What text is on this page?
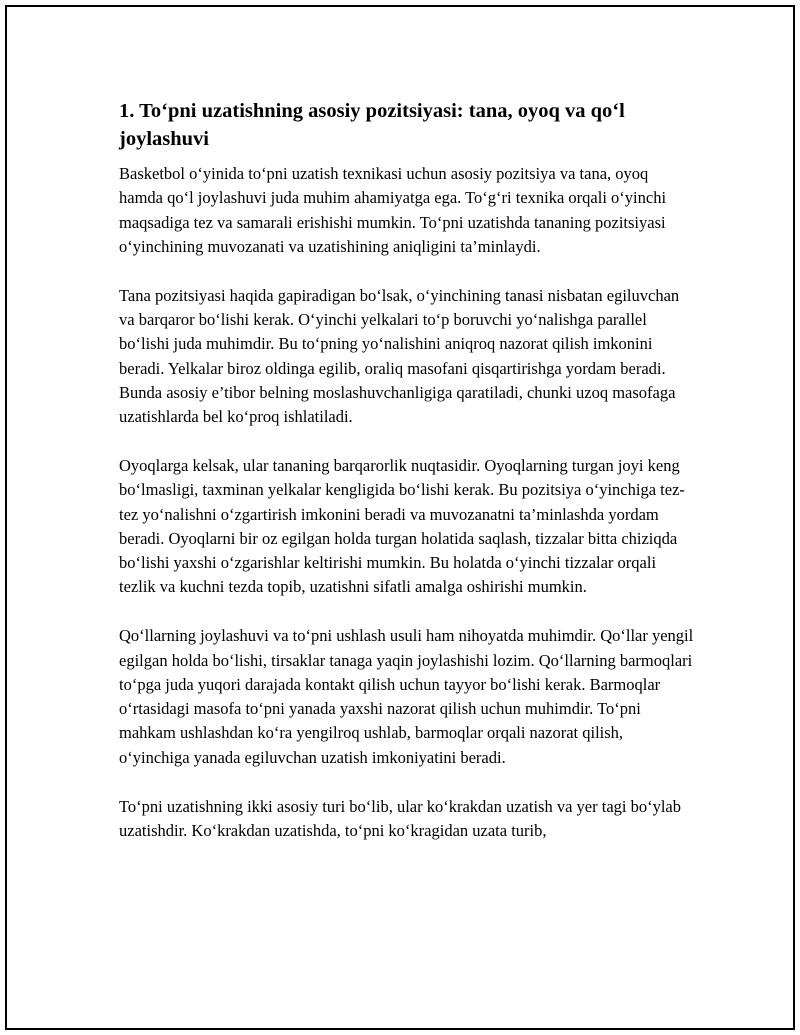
1. To‘pni uzatishning asosiy pozitsiyasi: tana, oyoq va qo‘l joylashuvi

Basketbol o‘yinida to‘pni uzatish texnikasi uchun asosiy pozitsiya va tana, oyoq hamda qo‘l joylashuvi juda muhim ahamiyatga ega. To‘g‘ri texnika orqali o‘yinchi maqsadiga tez va samarali erishishi mumkin. To‘pni uzatishda tananing pozitsiyasi o‘yinchining muvozanati va uzatishining aniqligini ta’minlaydi.

Tana pozitsiyasi haqida gapiradigan bo‘lsak, o‘yinchining tanasi nisbatan egiluvchan va barqaror bo‘lishi kerak. O‘yinchi yelkalari to‘p boruvchi yo‘nalishga parallel bo‘lishi juda muhimdir. Bu to‘pning yo‘nalishini aniqroq nazorat qilish imkonini beradi. Yelkalar biroz oldinga egilib, oraliq masofani qisqartirishga yordam beradi. Bunda asosiy e’tibor belning moslashuvchanligiga qaratiladi, chunki uzoq masofaga uzatishlarda bel ko‘proq ishlatiladi.

Oyoqlarga kelsak, ular tananing barqarorlik nuqtasidir. Oyoqlarning turgan joyi keng bo‘lmasligi, taxminan yelkalar kengligida bo‘lishi kerak. Bu pozitsiya o‘yinchiga tez-tez yo‘nalishni o‘zgartirish imkonini beradi va muvozanatni ta’minlashda yordam beradi. Oyoqlarni bir oz egilgan holda turgan holatida saqlash, tizzalar bitta chiziqda bo‘lishi yaxshi o‘zgarishlar keltirishi mumkin. Bu holatda o‘yinchi tizzalar orqali tezlik va kuchni tezda topib, uzatishni sifatli amalga oshirishi mumkin.

Qo‘llarning joylashuvi va to‘pni ushlash usuli ham nihoyatda muhimdir. Qo‘llar yengil egilgan holda bo‘lishi, tirsaklar tanaga yaqin joylashishi lozim. Qo‘llarning barmoqlari to‘pga juda yuqori darajada kontakt qilish uchun tayyor bo‘lishi kerak. Barmoqlar o‘rtasidagi masofa to‘pni yanada yaxshi nazorat qilish uchun muhimdir. To‘pni mahkam ushlashdan ko‘ra yengilroq ushlab, barmoqlar orqali nazorat qilish, o‘yinchiga yanada egiluvchan uzatish imkoniyatini beradi.

To‘pni uzatishning ikki asosiy turi bo‘lib, ular ko‘krakdan uzatish va yer tagi bo‘ylab uzatishdir. Ko‘krakdan uzatishda, to‘pni ko‘kragidan uzata turib,
